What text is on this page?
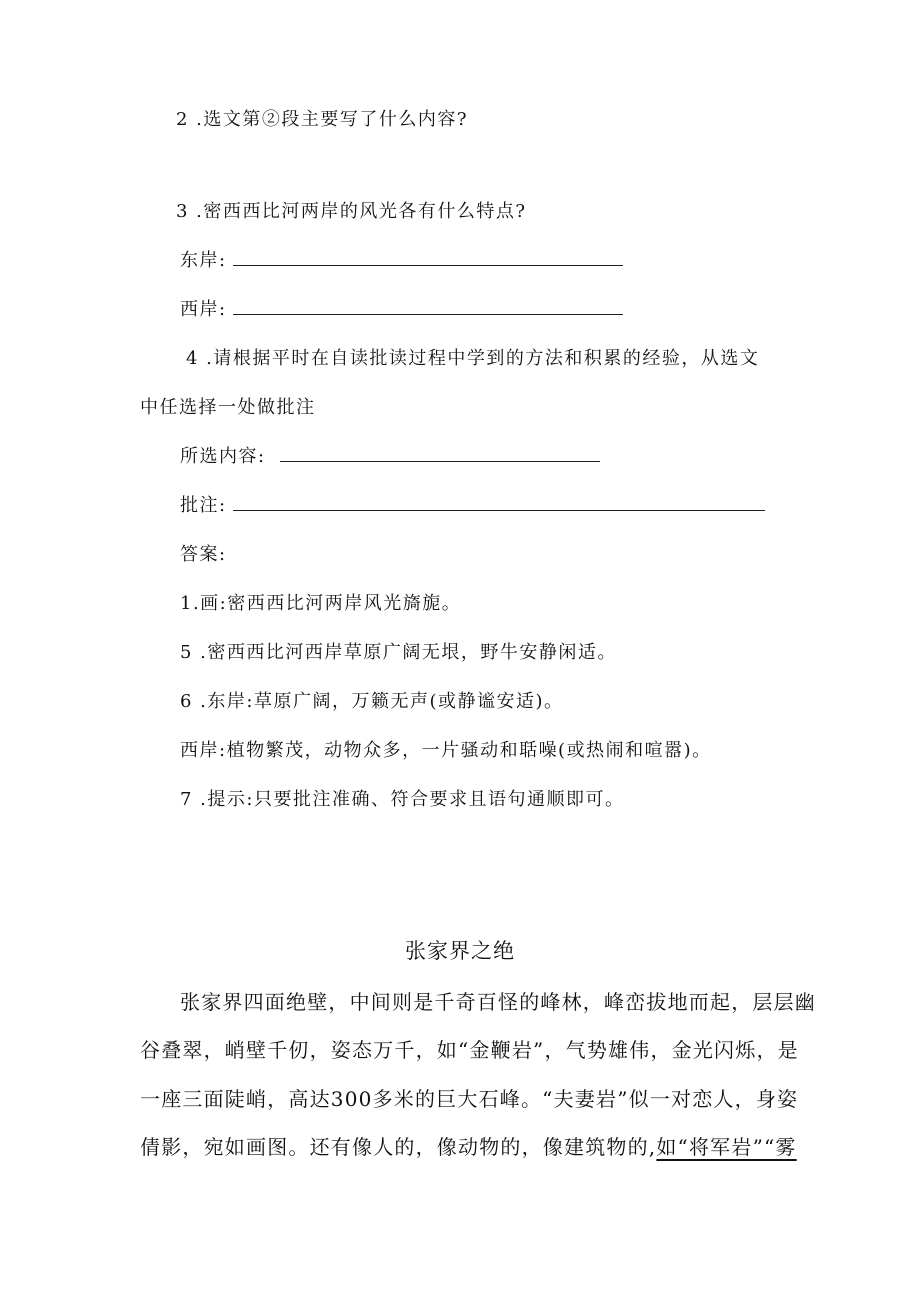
2 .选文第②段主要写了什么内容?
3 .密西西比河两岸的风光各有什么特点?
东岸:
西岸:
4 .请根据平时在自读批读过程中学到的方法和积累的经验，从选文
中任选择一处做批注
所选内容:
批注:
答案:
1.画:密西西比河两岸风光旖旎。
5 .密西西比河西岸草原广阔无垠，野牛安静闲适。
6 .东岸:草原广阔，万籁无声(或静谧安适)。
西岸:植物繁茂，动物众多，一片骚动和聒噪(或热闹和喧嚣)。
7 .提示:只要批注准确、符合要求且语句通顺即可。
张家界之绝
张家界四面绝壁，中间则是千奇百怪的峰林，峰峦拔地而起，层层幽
谷叠翠，峭壁千仞，姿态万千，如“金鞭岩”，气势雄伟，金光闪烁，是
一座三面陡峭，高达300多米的巨大石峰。“夫妻岩”似一对恋人，身姿
倩影，宛如画图。还有像人的，像动物的，像建筑物的,如“将军岩”“雾
